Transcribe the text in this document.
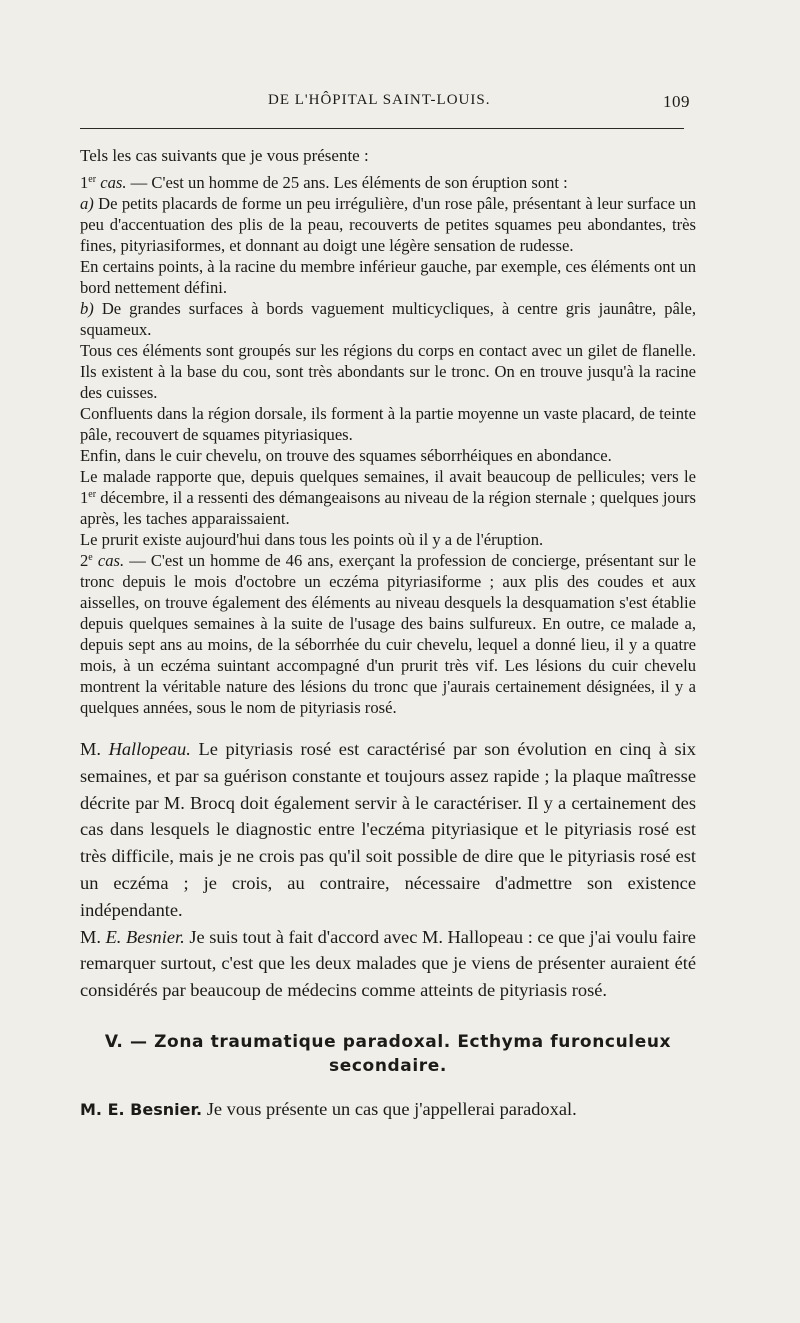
DE L'HÔPITAL SAINT-LOUIS.	109

Tels les cas suivants que je vous présente :

1er cas. — C'est un homme de 25 ans. Les éléments de son éruption sont :

a) De petits placards de forme un peu irrégulière, d'un rose pâle, présentant à leur surface un peu d'accentuation des plis de la peau, recouverts de petites squames peu abondantes, très fines, pityriasiformes, et donnant au doigt une légère sensation de rudesse.

En certains points, à la racine du membre inférieur gauche, par exemple, ces éléments ont un bord nettement défini.

b) De grandes surfaces à bords vaguement multicycliques, à centre gris jaunâtre, pâle, squameux.

Tous ces éléments sont groupés sur les régions du corps en contact avec un gilet de flanelle. Ils existent à la base du cou, sont très abondants sur le tronc. On en trouve jusqu'à la racine des cuisses.

Confluents dans la région dorsale, ils forment à la partie moyenne un vaste placard, de teinte pâle, recouvert de squames pityriasiques.

Enfin, dans le cuir chevelu, on trouve des squames séborrhéiques en abondance.

Le malade rapporte que, depuis quelques semaines, il avait beaucoup de pellicules; vers le 1er décembre, il a ressenti des démangeaisons au niveau de la région sternale ; quelques jours après, les taches apparaissaient.

Le prurit existe aujourd'hui dans tous les points où il y a de l'éruption.

2e cas. — C'est un homme de 46 ans, exerçant la profession de concierge, présentant sur le tronc depuis le mois d'octobre un eczéma pityriasiforme ; aux plis des coudes et aux aisselles, on trouve également des éléments au niveau desquels la desquamation s'est établie depuis quelques semaines à la suite de l'usage des bains sulfureux. En outre, ce malade a, depuis sept ans au moins, de la séborrhée du cuir chevelu, lequel a donné lieu, il y a quatre mois, à un eczéma suintant accompagné d'un prurit très vif. Les lésions du cuir chevelu montrent la véritable nature des lésions du tronc que j'aurais certainement désignées, il y a quelques années, sous le nom de pityriasis rosé.

M. Hallopeau. Le pityriasis rosé est caractérisé par son évolution en cinq à six semaines, et par sa guérison constante et toujours assez rapide ; la plaque maîtresse décrite par M. Brocq doit également servir à le caractériser. Il y a certainement des cas dans lesquels le diagnostic entre l'eczéma pityriasique et le pityriasis rosé est très difficile, mais je ne crois pas qu'il soit possible de dire que le pityriasis rosé est un eczéma ; je crois, au contraire, nécessaire d'admettre son existence indépendante.

M. E. Besnier. Je suis tout à fait d'accord avec M. Hallopeau : ce que j'ai voulu faire remarquer surtout, c'est que les deux malades que je viens de présenter auraient été considérés par beaucoup de médecins comme atteints de pityriasis rosé.

V. — Zona traumatique paradoxal. Ecthyma furonculeux
secondaire.

M. E. Besnier. Je vous présente un cas que j'appellerai paradoxal.
